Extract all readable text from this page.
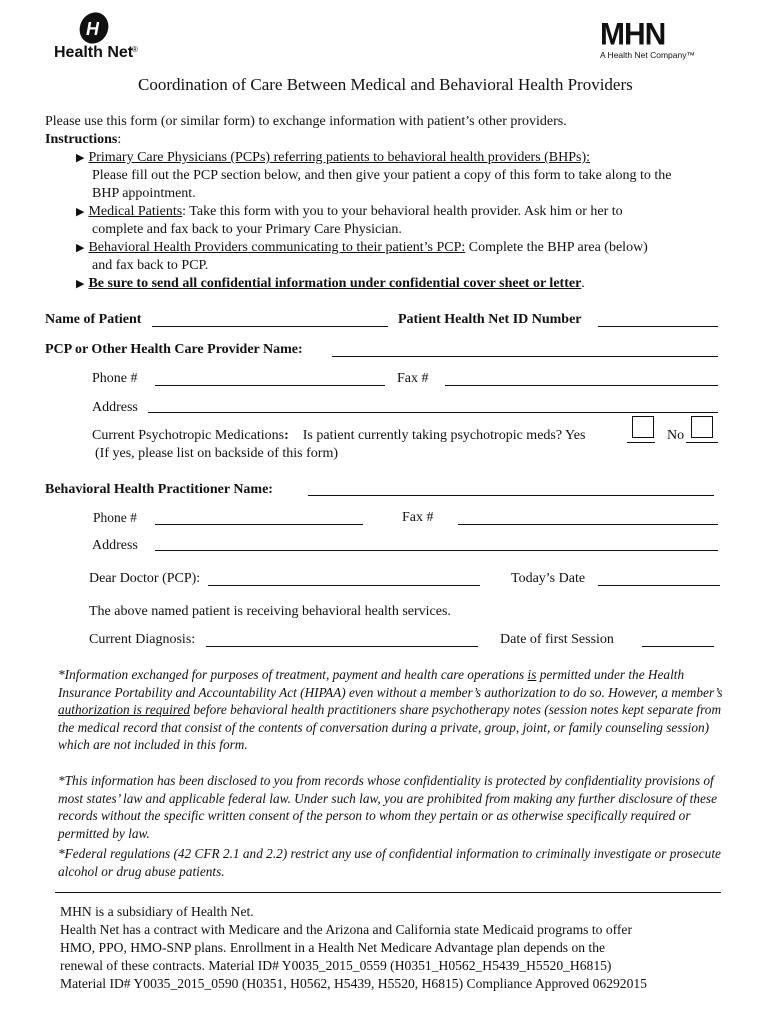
H
Health Net
®	MHN
A Health Net Company™
Coordination of Care Between Medical and Behavioral Health Providers
Please use this form (or similar form) to exchange information with patient’s other providers.
Instructions:
▶ Primary Care Physicians (PCPs) referring patients to behavioral health providers (BHPs):
Please fill out the PCP section below, and then give your patient a copy of this form to take along to the
BHP appointment.
▶ Medical Patients: Take this form with you to your behavioral health provider. Ask him or her to
complete and fax back to your Primary Care Physician.
▶ Behavioral Health Providers communicating to their patient’s PCP: Complete the BHP area (below)
and fax back to PCP.
▶ Be sure to send all confidential information under confidential cover sheet or letter.
Name of Patient	Patient Health Net ID Number
PCP or Other Health Care Provider Name:
Phone #	Fax #
Address
Current Psychotropic Medications: Is patient currently taking psychotropic meds? Yes	No
(If yes, please list on backside of this form)
Behavioral Health Practitioner Name:
Phone #	Fax #
Address
Dear Doctor (PCP):	Today’s Date
The above named patient is receiving behavioral health services.
Current Diagnosis:	Date of first Session
*Information exchanged for purposes of treatment, payment and health care operations is permitted under the Health Insurance Portability and Accountability Act (HIPAA) even without a member’s authorization to do so. However, a member’s authorization is required before behavioral health practitioners share psychotherapy notes (session notes kept separate from the medical record that consist of the contents of conversation during a private, group, joint, or family counseling session) which are not included in this form.
*This information has been disclosed to you from records whose confidentiality is protected by confidentiality provisions of most states’ law and applicable federal law. Under such law, you are prohibited from making any further disclosure of these records without the specific written consent of the person to whom they pertain or as otherwise specifically required or permitted by law.
*Federal regulations (42 CFR 2.1 and 2.2) restrict any use of confidential information to criminally investigate or prosecute alcohol or drug abuse patients.
MHN is a subsidiary of Health Net.
Health Net has a contract with Medicare and the Arizona and California state Medicaid programs to offer
HMO, PPO, HMO-SNP plans. Enrollment in a Health Net Medicare Advantage plan depends on the
renewal of these contracts. Material ID# Y0035_2015_0559 (H0351_H0562_H5439_H5520_H6815)
Material ID# Y0035_2015_0590 (H0351, H0562, H5439, H5520, H6815) Compliance Approved 06292015
